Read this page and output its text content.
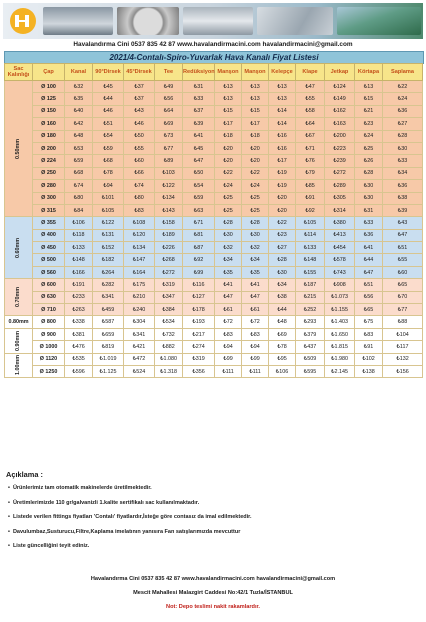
Havalandırma Cini 0537 835 42 87 www.havalandirmacini.com havalandirmacini@gmail.com
2021/4-Contalı-Spiro-Yuvarlak Hava Kanalı Fiyat Listesi
Sac Kalınlığı	Çap	Kanal	90°Dirsek	45°Dirsek	Tee	Redüksiyon	Manşon	Manşon	Kelepçe	Klape	Jetkap	Körtapa	Saplama
0.50mm	Ø 100	₺32	₺45	₺37	₺49	₺31	₺13	₺13	₺13	₺47	₺124	₺13	₺22
	Ø 125	₺35	₺44	₺37	₺56	₺33	₺13	₺13	₺13	₺55	₺149	₺15	₺24
	Ø 150	₺40	₺46	₺43	₺64	₺37	₺15	₺15	₺14	₺58	₺162	₺21	₺36
	Ø 160	₺42	₺51	₺46	₺69	₺39	₺17	₺17	₺14	₺64	₺163	₺23	₺27
	Ø 180	₺48	₺54	₺50	₺73	₺41	₺18	₺18	₺16	₺67	₺200	₺24	₺28
	Ø 200	₺53	₺59	₺55	₺77	₺45	₺20	₺20	₺16	₺71	₺223	₺25	₺30
	Ø 224	₺59	₺68	₺60	₺89	₺47	₺20	₺20	₺17	₺76	₺239	₺26	₺33
	Ø 250	₺68	₺78	₺66	₺103	₺50	₺22	₺22	₺19	₺79	₺272	₺28	₺34
	Ø 280	₺74	₺94	₺74	₺122	₺54	₺24	₺24	₺19	₺85	₺289	₺30	₺36
	Ø 300	₺80	₺101	₺80	₺134	₺59	₺25	₺25	₺20	₺91	₺305	₺30	₺38
	Ø 315	₺84	₺105	₺83	₺143	₺63	₺25	₺25	₺20	₺92	₺314	₺31	₺39
0.60mm	Ø 355	₺106	₺122	₺108	₺158	₺71	₺28	₺28	₺22	₺105	₺380	₺33	₺43
	Ø 400	₺118	₺131	₺120	₺189	₺81	₺30	₺30	₺23	₺114	₺413	₺36	₺47
	Ø 450	₺133	₺152	₺134	₺226	₺87	₺32	₺32	₺27	₺133	₺454	₺41	₺51
	Ø 500	₺148	₺182	₺147	₺268	₺92	₺34	₺34	₺28	₺148	₺578	₺44	₺55
	Ø 560	₺166	₺264	₺164	₺272	₺99	₺35	₺35	₺30	₺155	₺743	₺47	₺60
0.70mm	Ø 600	₺191	₺282	₺175	₺319	₺116	₺41	₺41	₺34	₺187	₺908	₺51	₺65
	Ø 630	₺233	₺341	₺210	₺347	₺127	₺47	₺47	₺38	₺215	₺1.073	₺56	₺70
	Ø 710	₺263	₺459	₺240	₺384	₺178	₺61	₺61	₺44	₺252	₺1.155	₺65	₺77
0.80mm	Ø 800	₺338	₺587	₺304	₺534	₺193	₺72	₺72	₺48	₺293	₺1.403	₺75	₺88
0.90mm	Ø 900	₺381	₺659	₺341	₺732	₺217	₺83	₺83	₺69	₺379	₺1.650	₺83	₺104
	Ø 1000	₺476	₺819	₺421	₺882	₺274	₺94	₺94	₺78	₺437	₺1.815	₺91	₺117
1.00mm	Ø 1120	₺535	₺1.019	₺472	₺1.080	₺319	₺99	₺99	₺95	₺509	₺1.980	₺102	₺132
	Ø 1250	₺596	₺1.125	₺524	₺1.318	₺356	₺111	₺111	₺106	₺595	₺2.145	₺138	₺156
Açıklama :
• Ürünlerimiz tam otomatik makinelerde üretilmektedir.
• Üretimlerimizde 110 gr/galvanizli 1.kalite sertifikalı sac kullanılmaktadır.
• Listede verilen fittings fiyatları 'Contalı' fiyatlardır,İsteğe göre contasız da imal edilmektedir.
• Davulumbaz,Susturucu,Filtre,Kaplama imelatının yanısıra Fan satışlarımızda mevcuttur
• Liste güncelliğini teyit ediniz.
Havalandırma Cini 0537 835 42 87 www.havalandirmacini.com havalandirmacini@gmail.com
Mescit Mahallesi Malazgirt Caddesi No:42/1 Tuzla/İSTANBUL
Not: Depo teslimi nakit rakamlardır.
